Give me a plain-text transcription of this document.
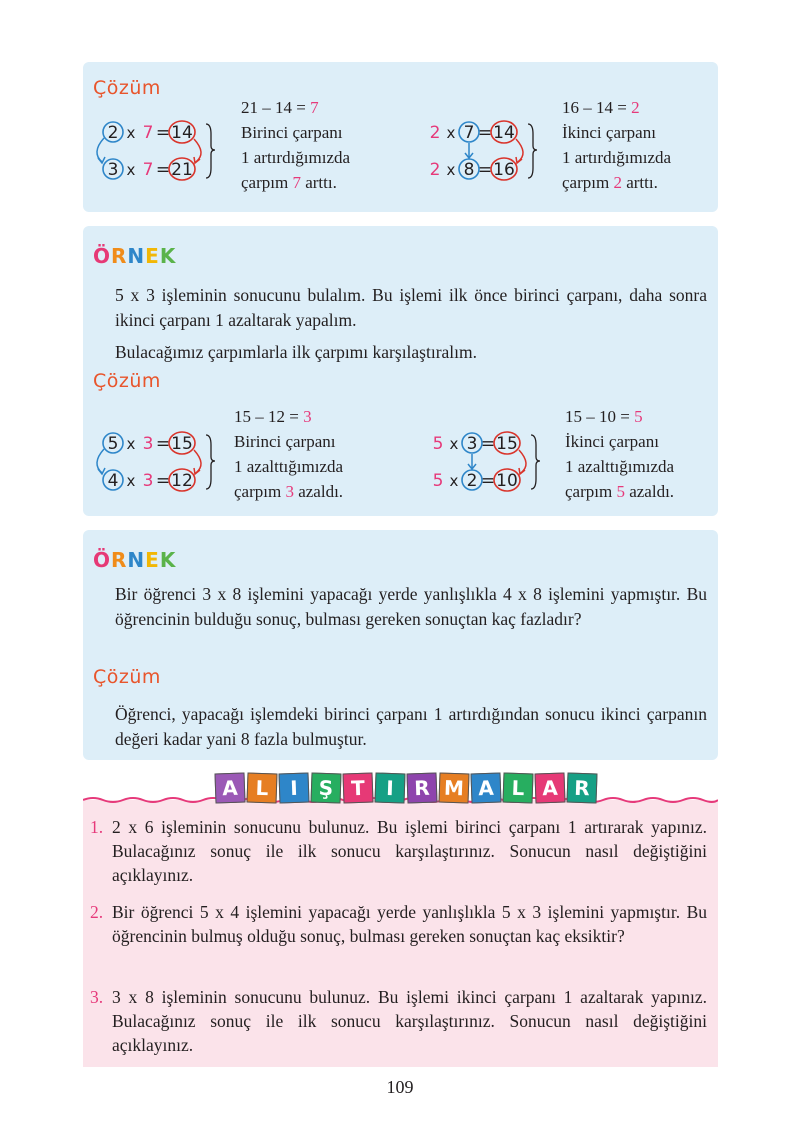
Çözüm
2 x 7 = 14
3 x 7 = 21
21 – 14 = 7
Birinci çarpanı
1 artırdığımızda
çarpım 7 arttı.
2 x 7 = 14
2 x 8 = 16
16 – 14 = 2
İkinci çarpanı
1 artırdığımızda
çarpım 2 arttı.
ÖRNEK
5 x 3 işleminin sonucunu bulalım. Bu işlemi ilk önce birinci çarpanı, daha sonra ikinci çarpanı 1 azaltarak yapalım.
Bulacağımız çarpımlarla ilk çarpımı karşılaştıralım.
Çözüm
5 x 3 = 15
4 x 3 = 12
15 – 12 = 3
Birinci çarpanı
1 azalttığımızda
çarpım 3 azaldı.
5 x 3 = 15
5 x 2 = 10
15 – 10 = 5
İkinci çarpanı
1 azalttığımızda
çarpım 5 azaldı.
ÖRNEK
Bir öğrenci 3 x 8 işlemini yapacağı yerde yanlışlıkla 4 x 8 işlemini yapmıştır. Bu öğrencinin bulduğu sonuç, bulması gereken sonuçtan kaç fazladır?
Çözüm
Öğrenci, yapacağı işlemdeki birinci çarpanı 1 artırdığından sonucu ikinci çarpanın değeri kadar yani 8 fazla bulmuştur.
A L	I	Ş T	I R M A L A R
1. 2 x 6 işleminin sonucunu bulunuz. Bu işlemi birinci çarpanı 1 artırarak yapınız. Bulacağınız sonuç ile ilk sonucu karşılaştırınız. Sonucun nasıl değiştiğini açıklayınız.
2. Bir öğrenci 5 x 4 işlemini yapacağı yerde yanlışlıkla 5 x 3 işlemini yapmıştır. Bu öğrencinin bulmuş olduğu sonuç, bulması gereken sonuçtan kaç eksiktir?
3. 3 x 8 işleminin sonucunu bulunuz. Bu işlemi ikinci çarpanı 1 azaltarak yapınız. Bulacağınız sonuç ile ilk sonucu karşılaştırınız. Sonucun nasıl değiştiğini açıklayınız.
109
